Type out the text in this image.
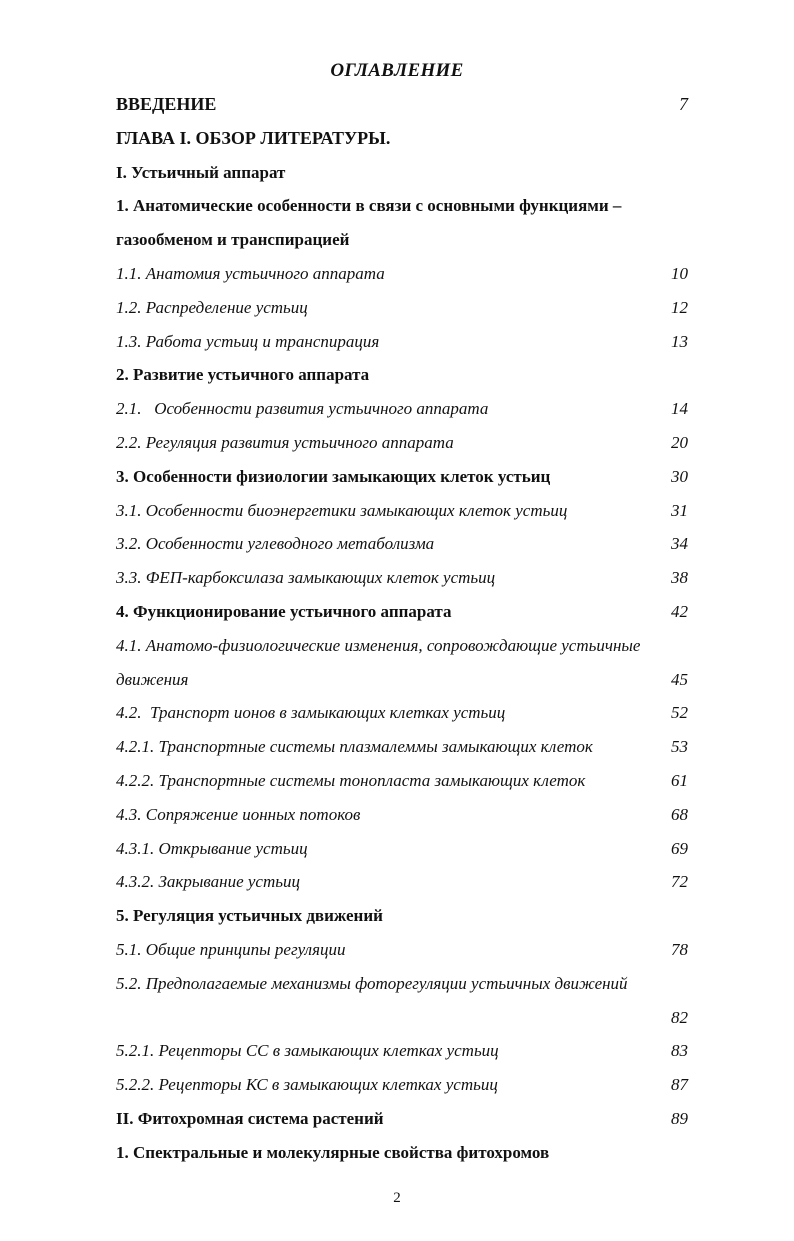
ОГЛАВЛЕНИЕ
ВВЕДЕНИЕ	7
ГЛАВА I. ОБЗОР ЛИТЕРАТУРЫ.
I. Устьичный аппарат
1. Анатомические особенности в связи с основными функциями –
газообменом и транспирацией
1.1. Анатомия устьичного аппарата	10
1.2. Распределение устьиц	12
1.3. Работа устьиц и транспирация	13
2. Развитие устьичного аппарата
2.1.   Особенности развития устьичного аппарата	14
2.2. Регуляция развития устьичного аппарата	20
3. Особенности физиологии замыкающих клеток устьиц	30
3.1. Особенности биоэнергетики замыкающих клеток устьиц	31
3.2. Особенности углеводного метаболизма	34
3.3. ФЕП-карбоксилаза замыкающих клеток устьиц	38
4. Функционирование устьичного аппарата	42
4.1. Анатомо-физиологические изменения, сопровождающие устьичные
движения	45
4.2.  Транспорт ионов в замыкающих клетках устьиц	52
4.2.1. Транспортные системы плазмалеммы замыкающих клеток	53
4.2.2. Транспортные системы тонопласта замыкающих клеток	61
4.3. Сопряжение ионных потоков	68
4.3.1. Открывание устьиц	69
4.3.2. Закрывание устьиц	72
5. Регуляция устьичных движений
5.1. Общие принципы регуляции	78
5.2. Предполагаемые механизмы фоторегуляции устьичных движений
82
5.2.1. Рецепторы СС в замыкающих клетках устьиц	83
5.2.2. Рецепторы КС в замыкающих клетках устьиц	87
II. Фитохромная система растений	89
1. Спектральные и молекулярные свойства фитохромов
2
